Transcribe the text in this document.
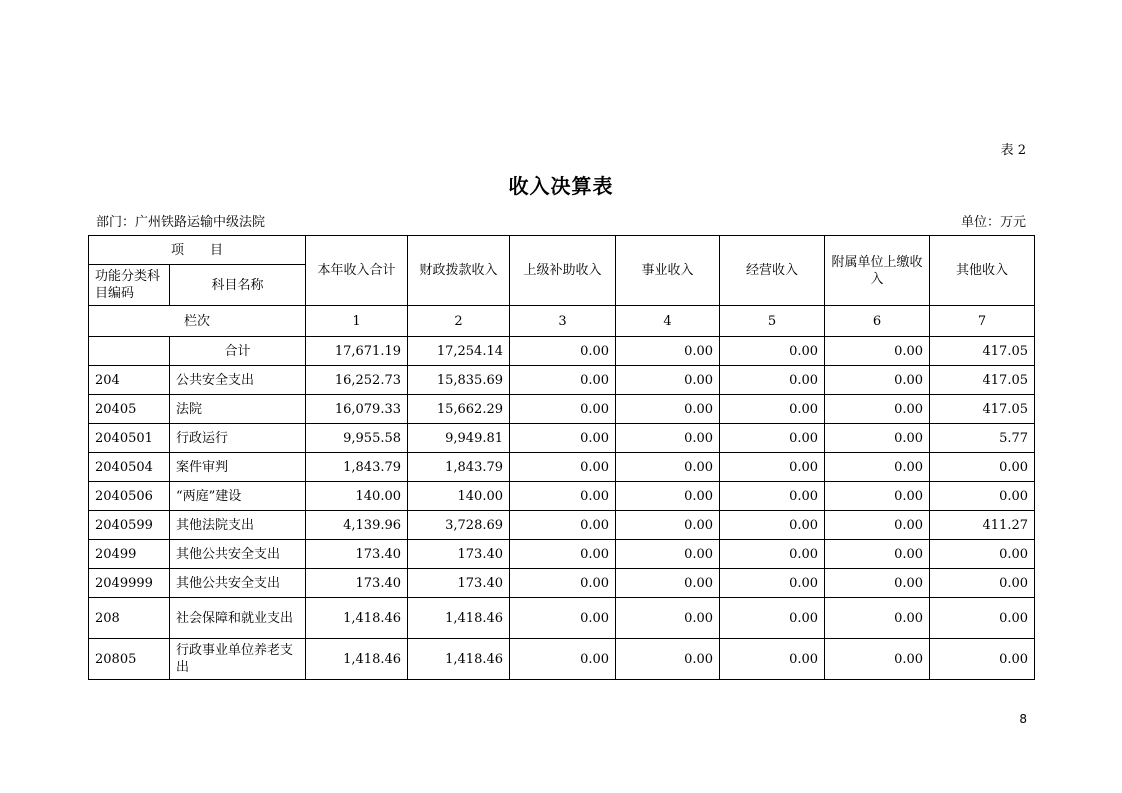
表 2
收入决算表
部门：广州铁路运输中级法院	单位：万元
项　　目		本年收入合计	财政拨款收入	上级补助收入	事业收入	经营收入	附属单位上缴收入	其他收入
功能分类科目编码	科目名称							
栏次		1	2	3	4	5	6	7
	合计	17,671.19	17,254.14	0.00	0.00	0.00	0.00	417.05
204	公共安全支出	16,252.73	15,835.69	0.00	0.00	0.00	0.00	417.05
20405	法院	16,079.33	15,662.29	0.00	0.00	0.00	0.00	417.05
2040501	行政运行	9,955.58	9,949.81	0.00	0.00	0.00	0.00	5.77
2040504	案件审判	1,843.79	1,843.79	0.00	0.00	0.00	0.00	0.00
2040506	“两庭”建设	140.00	140.00	0.00	0.00	0.00	0.00	0.00
2040599	其他法院支出	4,139.96	3,728.69	0.00	0.00	0.00	0.00	411.27
20499	其他公共安全支出	173.40	173.40	0.00	0.00	0.00	0.00	0.00
2049999	其他公共安全支出	173.40	173.40	0.00	0.00	0.00	0.00	0.00
208	社会保障和就业支出	1,418.46	1,418.46	0.00	0.00	0.00	0.00	0.00
20805	行政事业单位养老支出	1,418.46	1,418.46	0.00	0.00	0.00	0.00	0.00
8
